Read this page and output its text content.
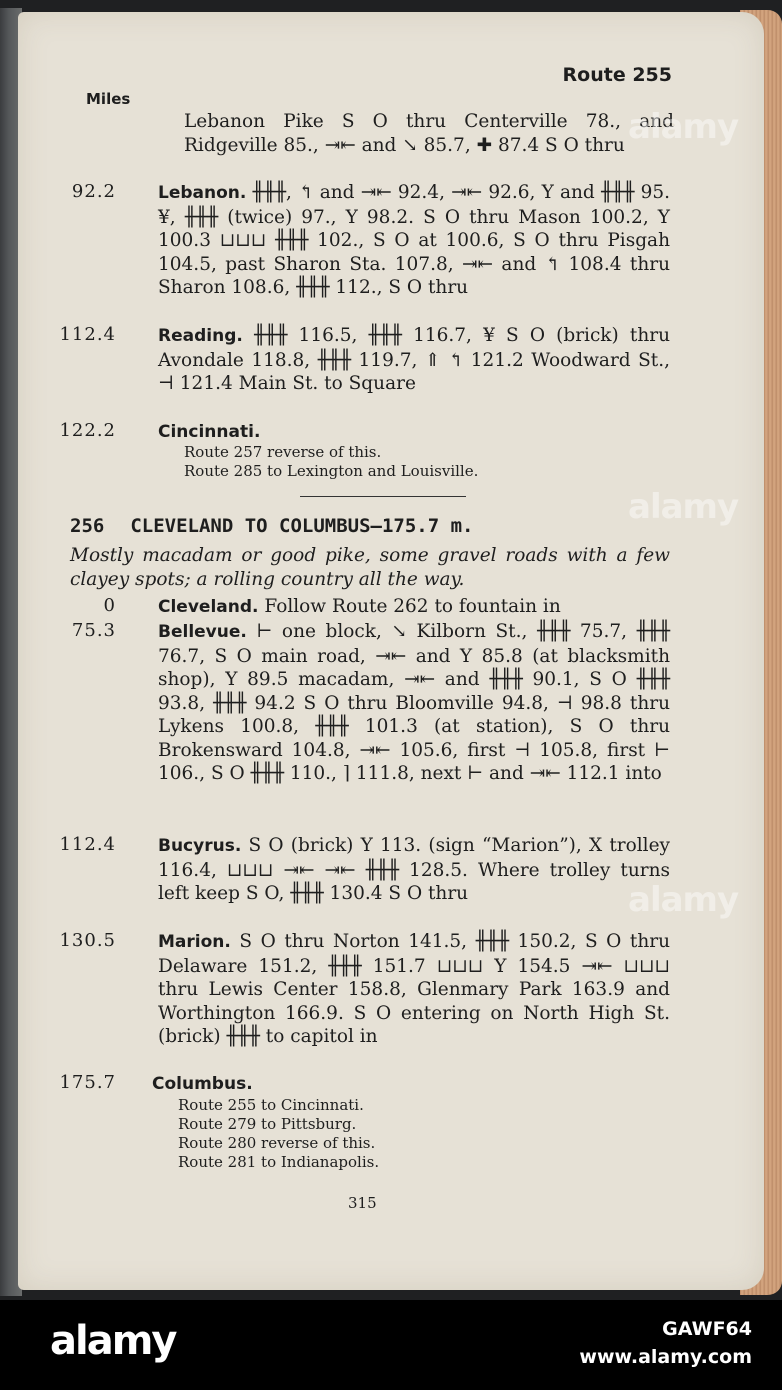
Route 255
Miles
Lebanon Pike S O thru Centerville 78., and Ridgeville 85., ⇥⇤ and ↘ 85.7, ✚ 87.4 S O thru
92.2 Lebanon. ╫╫╫, ↰ and ⇥⇤ 92.4, ⇥⇤ 92.6, Y and ╫╫╫ 95. ¥, ╫╫╫ (twice) 97., Y 98.2. S O thru Mason 100.2, Y 100.3 ⊔⊔⊔ ╫╫╫ 102., S O at 100.6, S O thru Pisgah 104.5, past Sharon Sta. 107.8, ⇥⇤ and ↰ 108.4 thru Sharon 108.6, ╫╫╫ 112., S O thru
112.4 Reading. ╫╫╫ 116.5, ╫╫╫ 116.7, ¥ S O (brick) thru Avondale 118.8, ╫╫╫ 119.7, ⇑ ↰ 121.2 Woodward St., ⊣ 121.4 Main St. to Square
122.2 Cincinnati.
Route 257 reverse of this.
Route 285 to Lexington and Louisville.
256 CLEVELAND TO COLUMBUS—175.7 m.
Mostly macadam or good pike, some gravel roads with a few clayey spots; a rolling country all the way.
0 Cleveland. Follow Route 262 to fountain in
75.3 Bellevue. ⊢ one block, ↘ Kilborn St., ╫╫╫ 75.7, ╫╫╫ 76.7, S O main road, ⇥⇤ and Y 85.8 (at blacksmith shop), Y 89.5 macadam, ⇥⇤ and ╫╫╫ 90.1, S O ╫╫╫ 93.8, ╫╫╫ 94.2 S O thru Bloomville 94.8, ⊣ 98.8 thru Lykens 100.8, ╫╫╫ 101.3 (at station), S O thru Brokensward 104.8, ⇥⇤ 105.6, first ⊣ 105.8, first ⊢ 106., S O ╫╫╫ 110., ⌉ 111.8, next ⊢ and ⇥⇤ 112.1 into
112.4 Bucyrus. S O (brick) Y 113. (sign “Marion”), X trolley 116.4, ⊔⊔⊔ ⇥⇤ ⇥⇤ ╫╫╫ 128.5. Where trolley turns left keep S O, ╫╫╫ 130.4 S O thru
130.5 Marion. S O thru Norton 141.5, ╫╫╫ 150.2, S O thru Delaware 151.2, ╫╫╫ 151.7 ⊔⊔⊔ Y 154.5 ⇥⇤ ⊔⊔⊔ thru Lewis Center 158.8, Glenmary Park 163.9 and Worthington 166.9. S O entering on North High St. (brick) ╫╫╫ to capitol in
175.7 Columbus.
Route 255 to Cincinnati.
Route 279 to Pittsburg.
Route 280 reverse of this.
Route 281 to Indianapolis.
315
alamy
alamy
alamy
alamy	GAWF64
www.alamy.com
